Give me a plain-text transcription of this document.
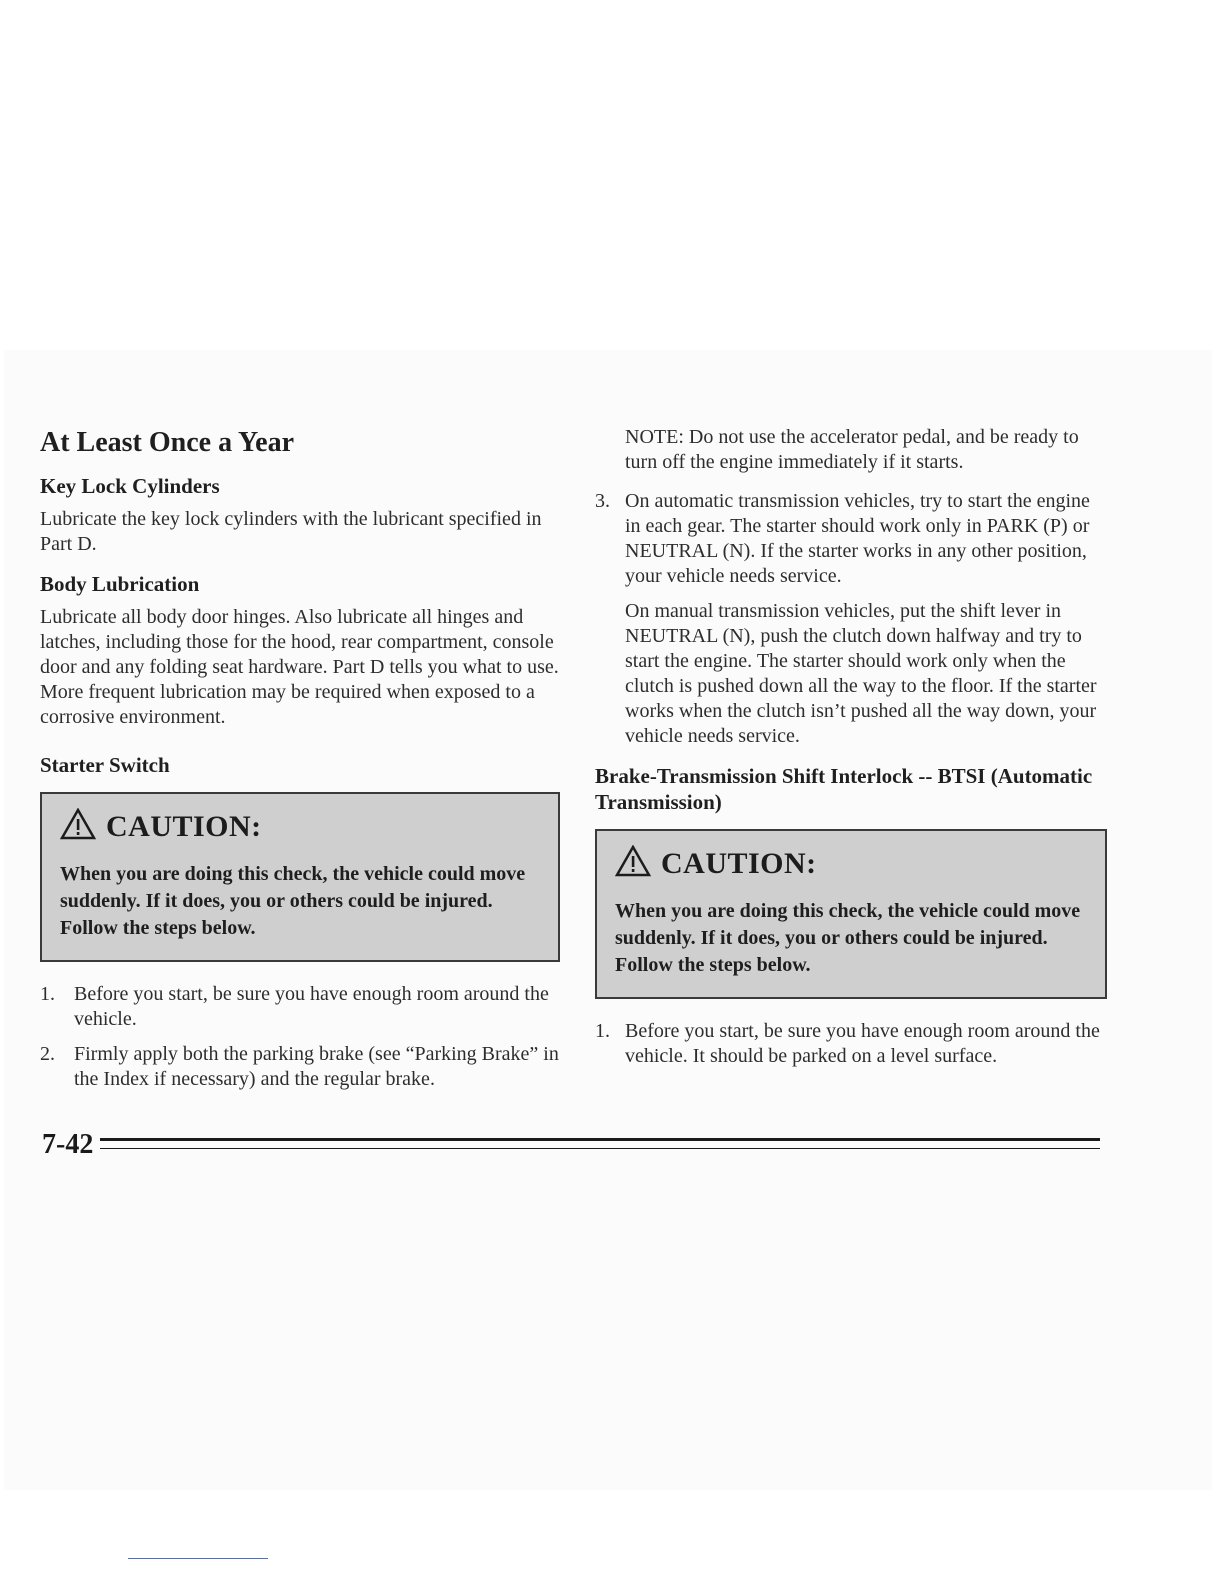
At Least Once a Year
Key Lock Cylinders

Lubricate the key lock cylinders with the lubricant specified in Part D.

Body Lubrication

Lubricate all body door hinges. Also lubricate all hinges and latches, including those for the hood, rear compartment, console door and any folding seat hardware. Part D tells you what to use. More frequent lubrication may be required when exposed to a corrosive environment.

Starter Switch
CAUTION:
When you are doing this check, the vehicle could move suddenly. If it does, you or others could be injured. Follow the steps below.
1. Before you start, be sure you have enough room around the vehicle.
2. Firmly apply both the parking brake (see “Parking Brake” in the Index if necessary) and the regular brake.

NOTE: Do not use the accelerator pedal, and be ready to turn off the engine immediately if it starts.

3. On automatic transmission vehicles, try to start the engine in each gear. The starter should work only in PARK (P) or NEUTRAL (N). If the starter works in any other position, your vehicle needs service.

On manual transmission vehicles, put the shift lever in NEUTRAL (N), push the clutch down halfway and try to start the engine. The starter should work only when the clutch is pushed down all the way to the floor. If the starter works when the clutch isn’t pushed all the way down, your vehicle needs service.

Brake-Transmission Shift Interlock -- BTSI (Automatic Transmission)
CAUTION:
When you are doing this check, the vehicle could move suddenly. If it does, you or others could be injured. Follow the steps below.
1. Before you start, be sure you have enough room around the vehicle. It should be parked on a level surface.
7-42
